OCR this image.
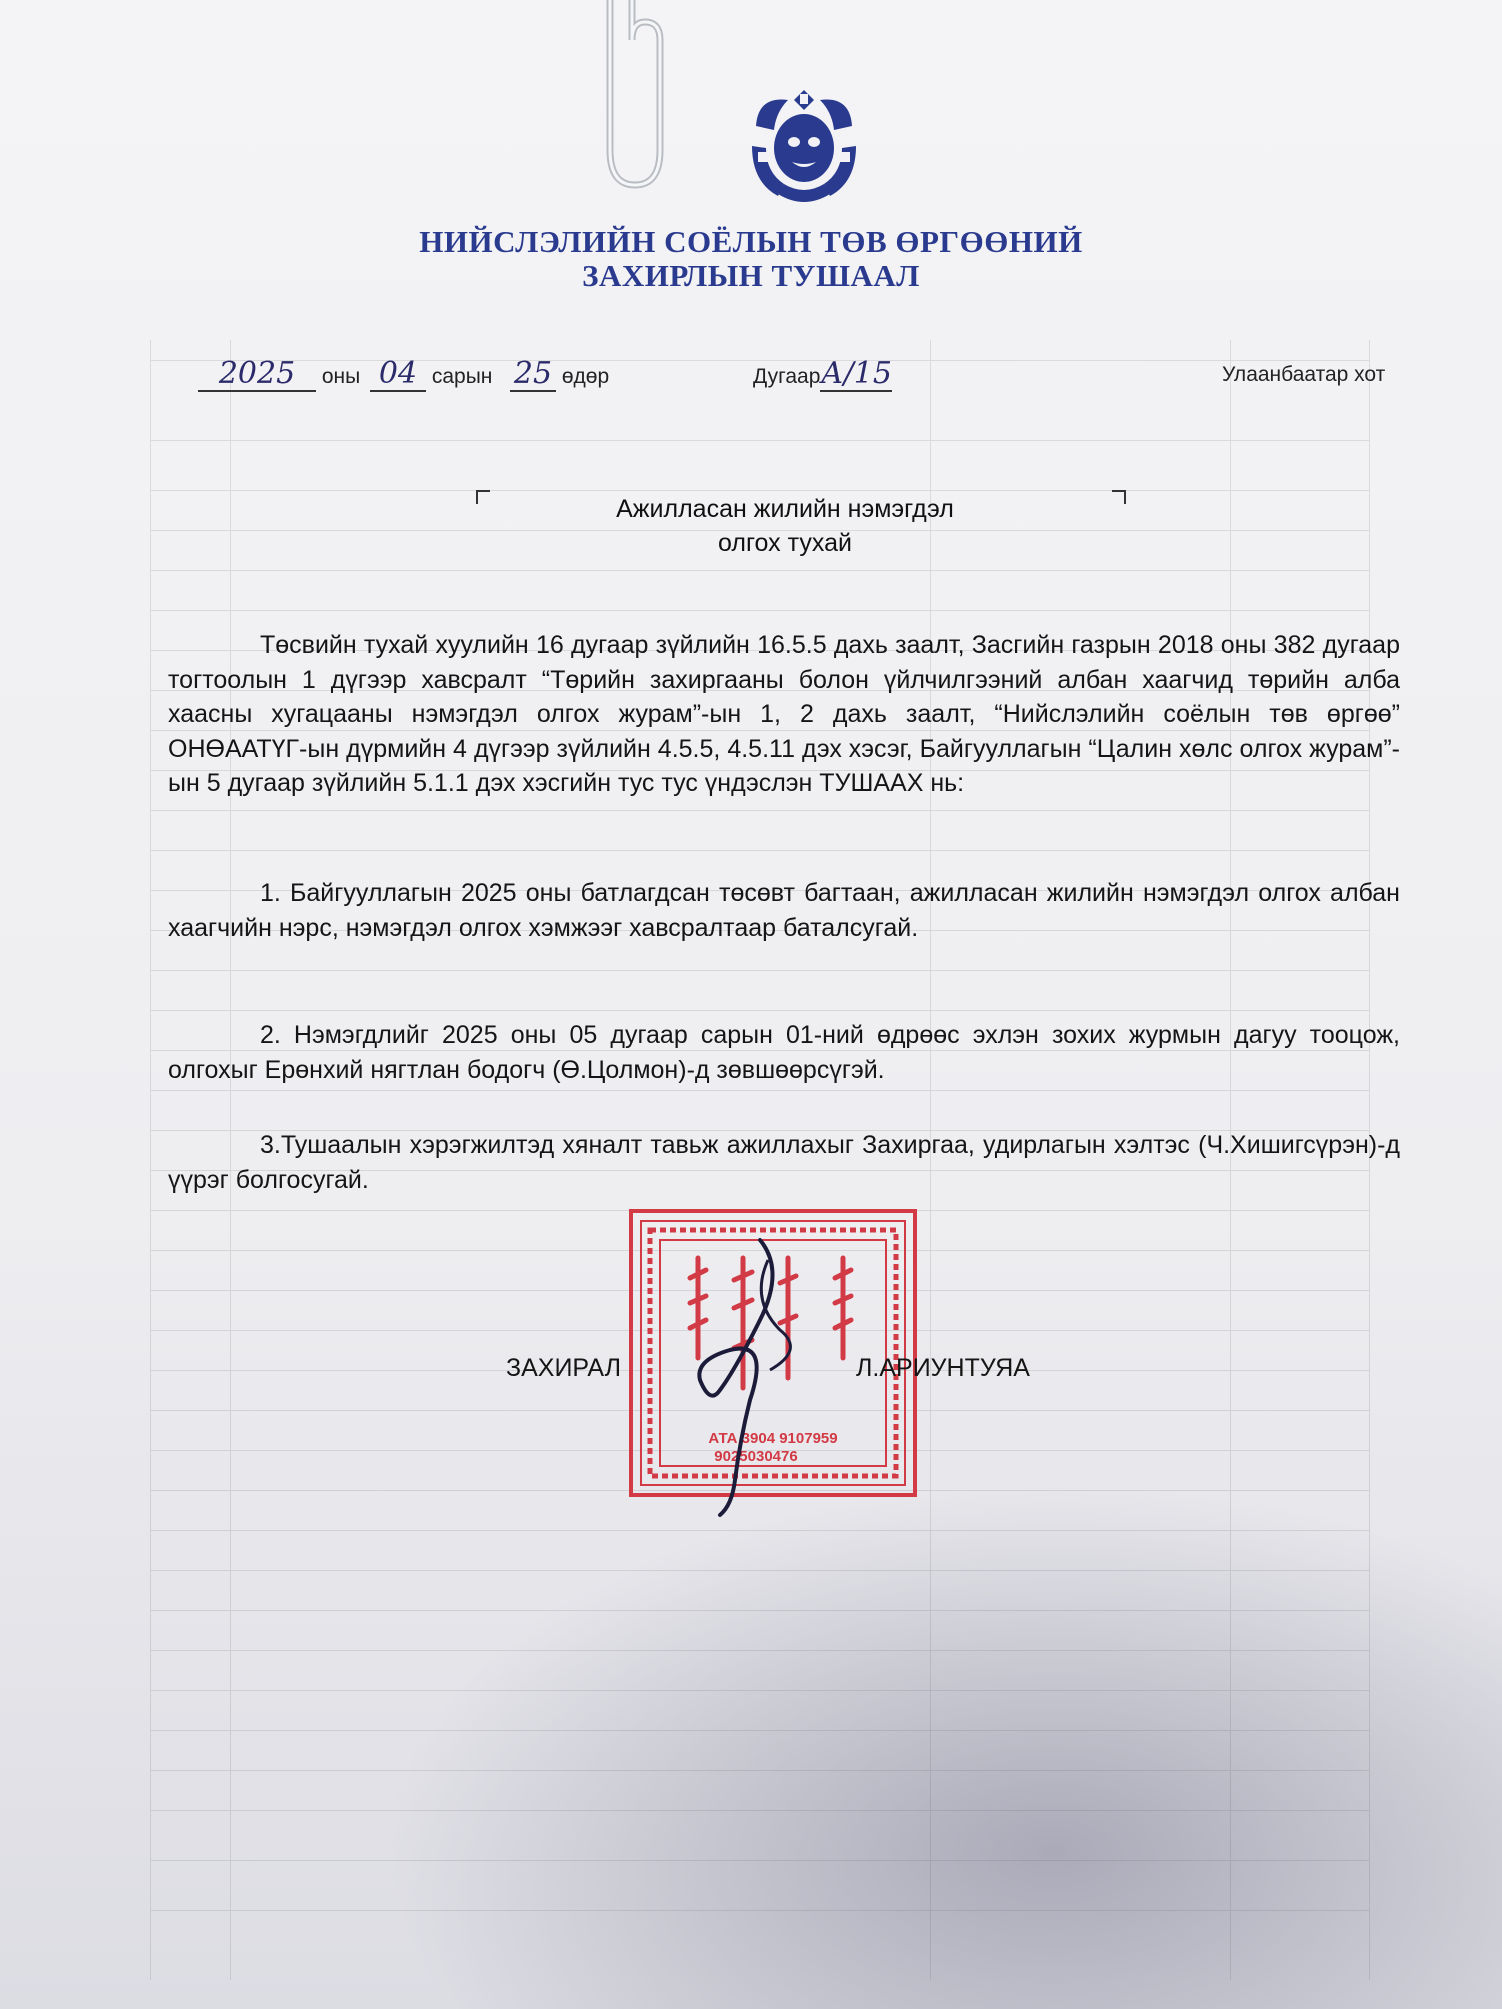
НИЙСЛЭЛИЙН СОЁЛЫН ТӨВ ӨРГӨӨНИЙ
ЗАХИРЛЫН ТУШААЛ
2025 оны 04 сарын 25 өдөр	ДугаарА/15	Улаанбаатар хот
Ажилласан жилийн нэмэгдэл
олгох тухай

Төсвийн тухай хуулийн 16 дугаар зүйлийн 16.5.5 дахь заалт, Засгийн газрын 2018 оны 382 дугаар тогтоолын 1 дүгээр хавсралт “Төрийн захиргааны болон үйлчилгээний албан хаагчид төрийн алба хаасны хугацааны нэмэгдэл олгох журам”-ын 1, 2 дахь заалт, “Нийслэлийн соёлын төв өргөө” ОНӨААТҮГ-ын дүрмийн 4 дүгээр зүйлийн 4.5.5, 4.5.11 дэх хэсэг, Байгууллагын “Цалин хөлс олгох журам”-ын 5 дугаар зүйлийн 5.1.1 дэх хэсгийн тус тус үндэслэн ТУШААХ нь:

1. Байгууллагын 2025 оны батлагдсан төсөвт багтаан, ажилласан жилийн нэмэгдэл олгох албан хаагчийн нэрс, нэмэгдэл олгох хэмжээг хавсралтаар баталсугай.

2. Нэмэгдлийг 2025 оны 05 дугаар сарын 01-ний өдрөөс эхлэн зохих журмын дагуу тооцож, олгохыг Ерөнхий нягтлан бодогч (Ө.Цолмон)-д зөвшөөрсүгэй.

3.Тушаалын хэрэгжилтэд хяналт тавьж ажиллахыг Захиргаа, удирлагын хэлтэс (Ч.Хишигсүрэн)-д үүрэг болгосугай.

АТА 3904 9107959
9025030476
ЗАХИРАЛ	Л.АРИУНТУЯА
